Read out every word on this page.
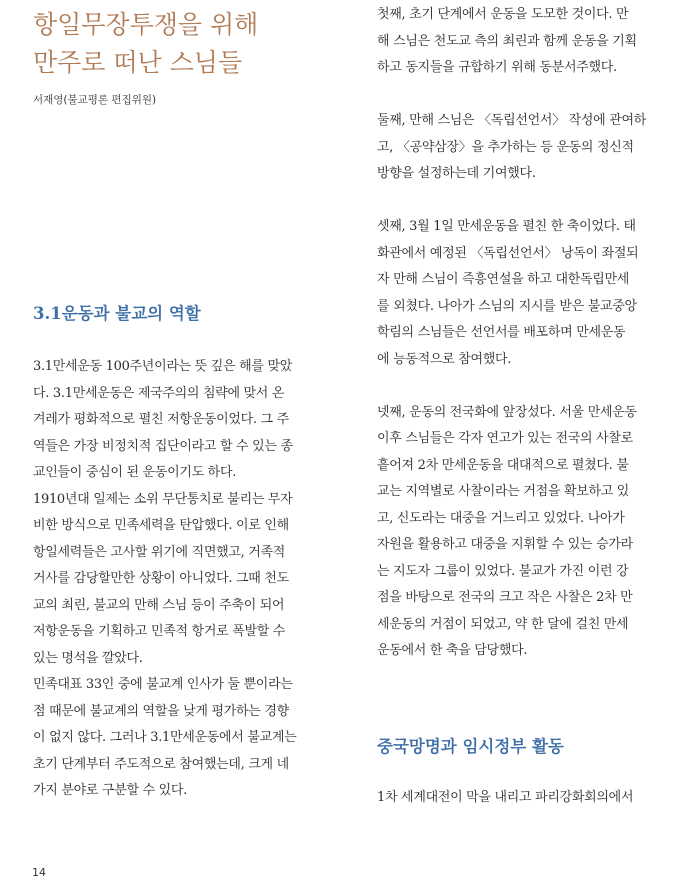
항일무장투쟁을 위해
만주로 떠난 스님들
서재영(불교평론 편집위원)
3.1운동과 불교의 역할

3.1만세운동 100주년이라는 뜻 깊은 해를 맞았
다. 3.1만세운동은 제국주의의 침략에 맞서 온
겨레가 평화적으로 펼친 저항운동이었다. 그 주
역들은 가장 비정치적 집단이라고 할 수 있는 종
교인들이 중심이 된 운동이기도 하다.

1910년대 일제는 소위 무단통치로 불리는 무자
비한 방식으로 민족세력을 탄압했다. 이로 인해
항일세력들은 고사할 위기에 직면했고, 거족적
거사를 감당할만한 상황이 아니었다. 그때 천도
교의 최린, 불교의 만해 스님 등이 주축이 되어
저항운동을 기획하고 민족적 항거로 폭발할 수
있는 명석을 깔았다.

민족대표 33인 중에 불교계 인사가 둘 뿐이라는
점 때문에 불교계의 역할을 낮게 평가하는 경향
이 없지 않다. 그러나 3.1만세운동에서 불교계는
초기 단계부터 주도적으로 참여했는데, 크게 네
가지 분야로 구분할 수 있다.

첫째, 초기 단계에서 운동을 도모한 것이다. 만
해 스님은 천도교 측의 최린과 함께 운동을 기획
하고 동지들을 규합하기 위해 동분서주했다.

둘째, 만해 스님은 〈독립선언서〉 작성에 관여하
고, 〈공약삼장〉을 추가하는 등 운동의 정신적
방향을 설정하는데 기여했다.

셋째, 3월 1일 만세운동을 펼친 한 축이었다. 태
화관에서 예정된 〈독립선언서〉 낭독이 좌절되
자 만해 스님이 즉흥연설을 하고 대한독립만세
를 외쳤다. 나아가 스님의 지시를 받은 불교중앙
학림의 스님들은 선언서를 배포하며 만세운동
에 능동적으로 참여했다.

넷째, 운동의 전국화에 앞장섰다. 서울 만세운동
이후 스님들은 각자 연고가 있는 전국의 사찰로
흩어져 2차 만세운동을 대대적으로 펼쳤다. 불
교는 지역별로 사찰이라는 거점을 확보하고 있
고, 신도라는 대중을 거느리고 있었다. 나아가
자원을 활용하고 대중을 지휘할 수 있는 승가라
는 지도자 그룹이 있었다. 불교가 가진 이런 강
점을 바탕으로 전국의 크고 작은 사찰은 2차 만
세운동의 거점이 되었고, 약 한 달에 걸친 만세
운동에서 한 축을 담당했다.

중국망명과 임시정부 활동

1차 세계대전이 막을 내리고 파리강화회의에서

14
